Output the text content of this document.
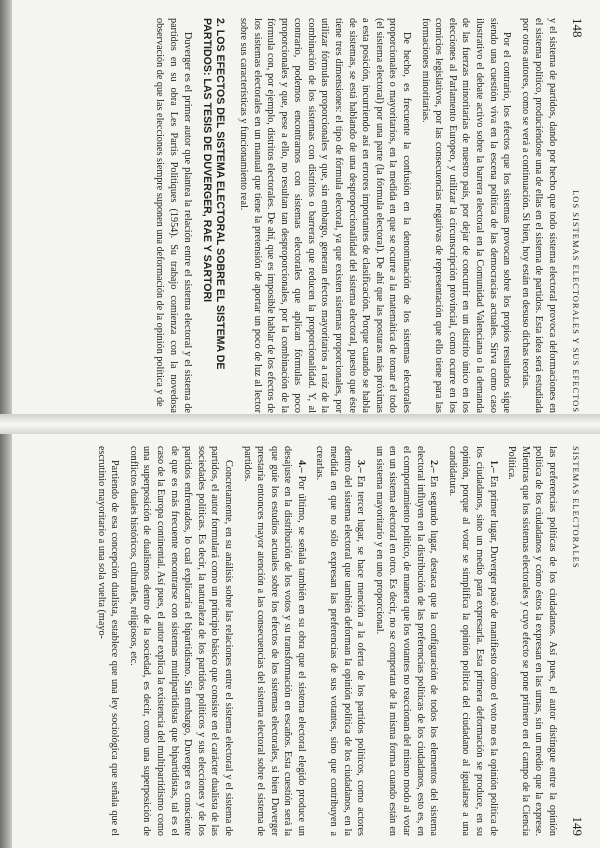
148
LOS SISTEMAS ELECTORALES Y SUS EFECTOS

y el sistema de partidos, dando por hecho que todo sistema electoral provoca deformaciones en el sistema político, produciéndose una de ellas en el sistema de partidos. Esta idea será estudiada por otros autores, como se verá a continuación. Si bien, hoy están en desuso dichas teorías.

Por el contrario, los efectos que los sistemas provocan sobre los propios resultados sigue siendo una cuestión viva en la escena política de las democracias actuales. Sirva como caso ilustrativo el debate activo sobre la barrera electoral en la Comunidad Valenciana o la demanda de las fuerzas minoritarias de nuestro país, por dejar de concurrir en un distrito único en los elecciones al Parlamento Europeo, y utilizar la circunscripción provincial, como ocurre en los comicios legislativos, por las consecuencias negativas de representación que ello tiene para las formaciones minoritarias.

De hecho, es frecuente la confusión en la denominación de los sistemas electorales proporcionales o mayoritarios, en la medida en que se ocurre a la matemática de tomar el todo (el sistema electoral) por una parte (la fórmula electoral). De ahí que las posturas más próximas a esta posición, incurriendo así en errores importantes de clasificación. Porque cuando se habla de sistemas, se está hablando de una desproporcionalidad del sistema electoral, puesto que éste tiene tres dimensiones: el tipo de fórmula electoral, ya que existen sistemas proporcionales, por utilizar fórmulas proporcionales y que, sin embargo, generan efectos mayoritarios a raíz de la combinación de los sistemas con distritos o barreras que reducen la proporcionalidad. Y, al contrario, podemos encontrarnos con sistemas electorales que aplican fórmulas poco proporcionales y que, pese a ello, no resultan tan desproporcionales, por la combinación de la fórmula con, por ejemplo, distritos electorales. De ahí, que es imposible hablar de los efectos de los sistemas electorales en un manual que tiene la pretensión de aportar un poco de luz al lector sobre sus características y funcionamiento real.

2. LOS EFECTOS DEL SISTEMA ELECTORAL SOBRE EL SISTEMA DE PARTIDOS: LAS TESIS DE DUVERGER, RAE Y SARTORI

Duverger es el primer autor que plantea la relación entre el sistema electoral y el sistema de partidos en su obra Les Partis Politiques (1954). Su trabajo comienza con la novedosa observación de que las elecciones siempre suponen una deformación de la opinión política y de

SISTEMAS ELECTORALES
149

las preferencias políticas de los ciudadanos. Así pues, el autor distingue entre la opinión política de los ciudadanos y cómo éstos la expresan en las urnas, sin un medio que la exprese. Mientras que los sistemas electorales y cuyo efecto se pone primero en el campo de la Ciencia Política.

1.–En primer lugar, Duverger pasó de manifiesto cómo el voto no es la opinión política de los ciudadanos, sino un medio para expresarla. Esta primera deformación se produce, en su opinión, porque al votar se simplifica la opinión política del ciudadano al igualarse a una candidatura.

2.–En segundo lugar, destaca que la configuración de todos los elementos del sistema electoral influyen en la distribución de las preferencias políticas de los ciudadanos, esto es, en el comportamiento político, de manera que los votantes no reaccionan del mismo modo al votar en un sistema electoral en otro. Es decir, no se comportan de la misma forma cuando están en un sistema mayoritario y en uno proporcional.

3.–En tercer lugar, se hace mención a la oferta de los partidos políticos, como actores dentro del sistema electoral que también deforman la opinión política de los ciudadanos, en la medida en que no sólo expresan las preferencias de sus votantes, sino que contribuyen a crearlas.

4.–Por último, se señala también en su obra que el sistema electoral elegido produce un desajuste en la distribución de los votos y su transformación en escaños. Esta cuestión será la que guíe los estudios actuales sobre los efectos de los sistemas electorales, si bien Duverger prestaría entonces mayor atención a las consecuencias del sistema electoral sobre el sistema de partidos.

Concretamente, en su análisis sobre las relaciones entre el sistema electoral y el sistema de partidos, el autor formulará como un principio básico que consiste en el carácter dualista de las sociedades políticas. Es decir, la naturaleza de los partidos políticos y sus elecciones y de los partidos enfrentados, lo cual explicaría el bipartidismo. Sin embargo, Duverger es consciente de que es más frecuente encontrarse con sistemas multipartidistas que bipartidistas, tal es el caso de la Europa continental. Así pues, el autor explica la existencia del multipartidismo como una superposición de dualismos dentro de la sociedad, es decir, como una superposición de conflictos duales históricos, culturales, religiosos, etc.

Partiendo de esa concepción dualista, establece que una ley sociológica que señala que el escrutinio mayoritario a una sola vuelta (mayo-
